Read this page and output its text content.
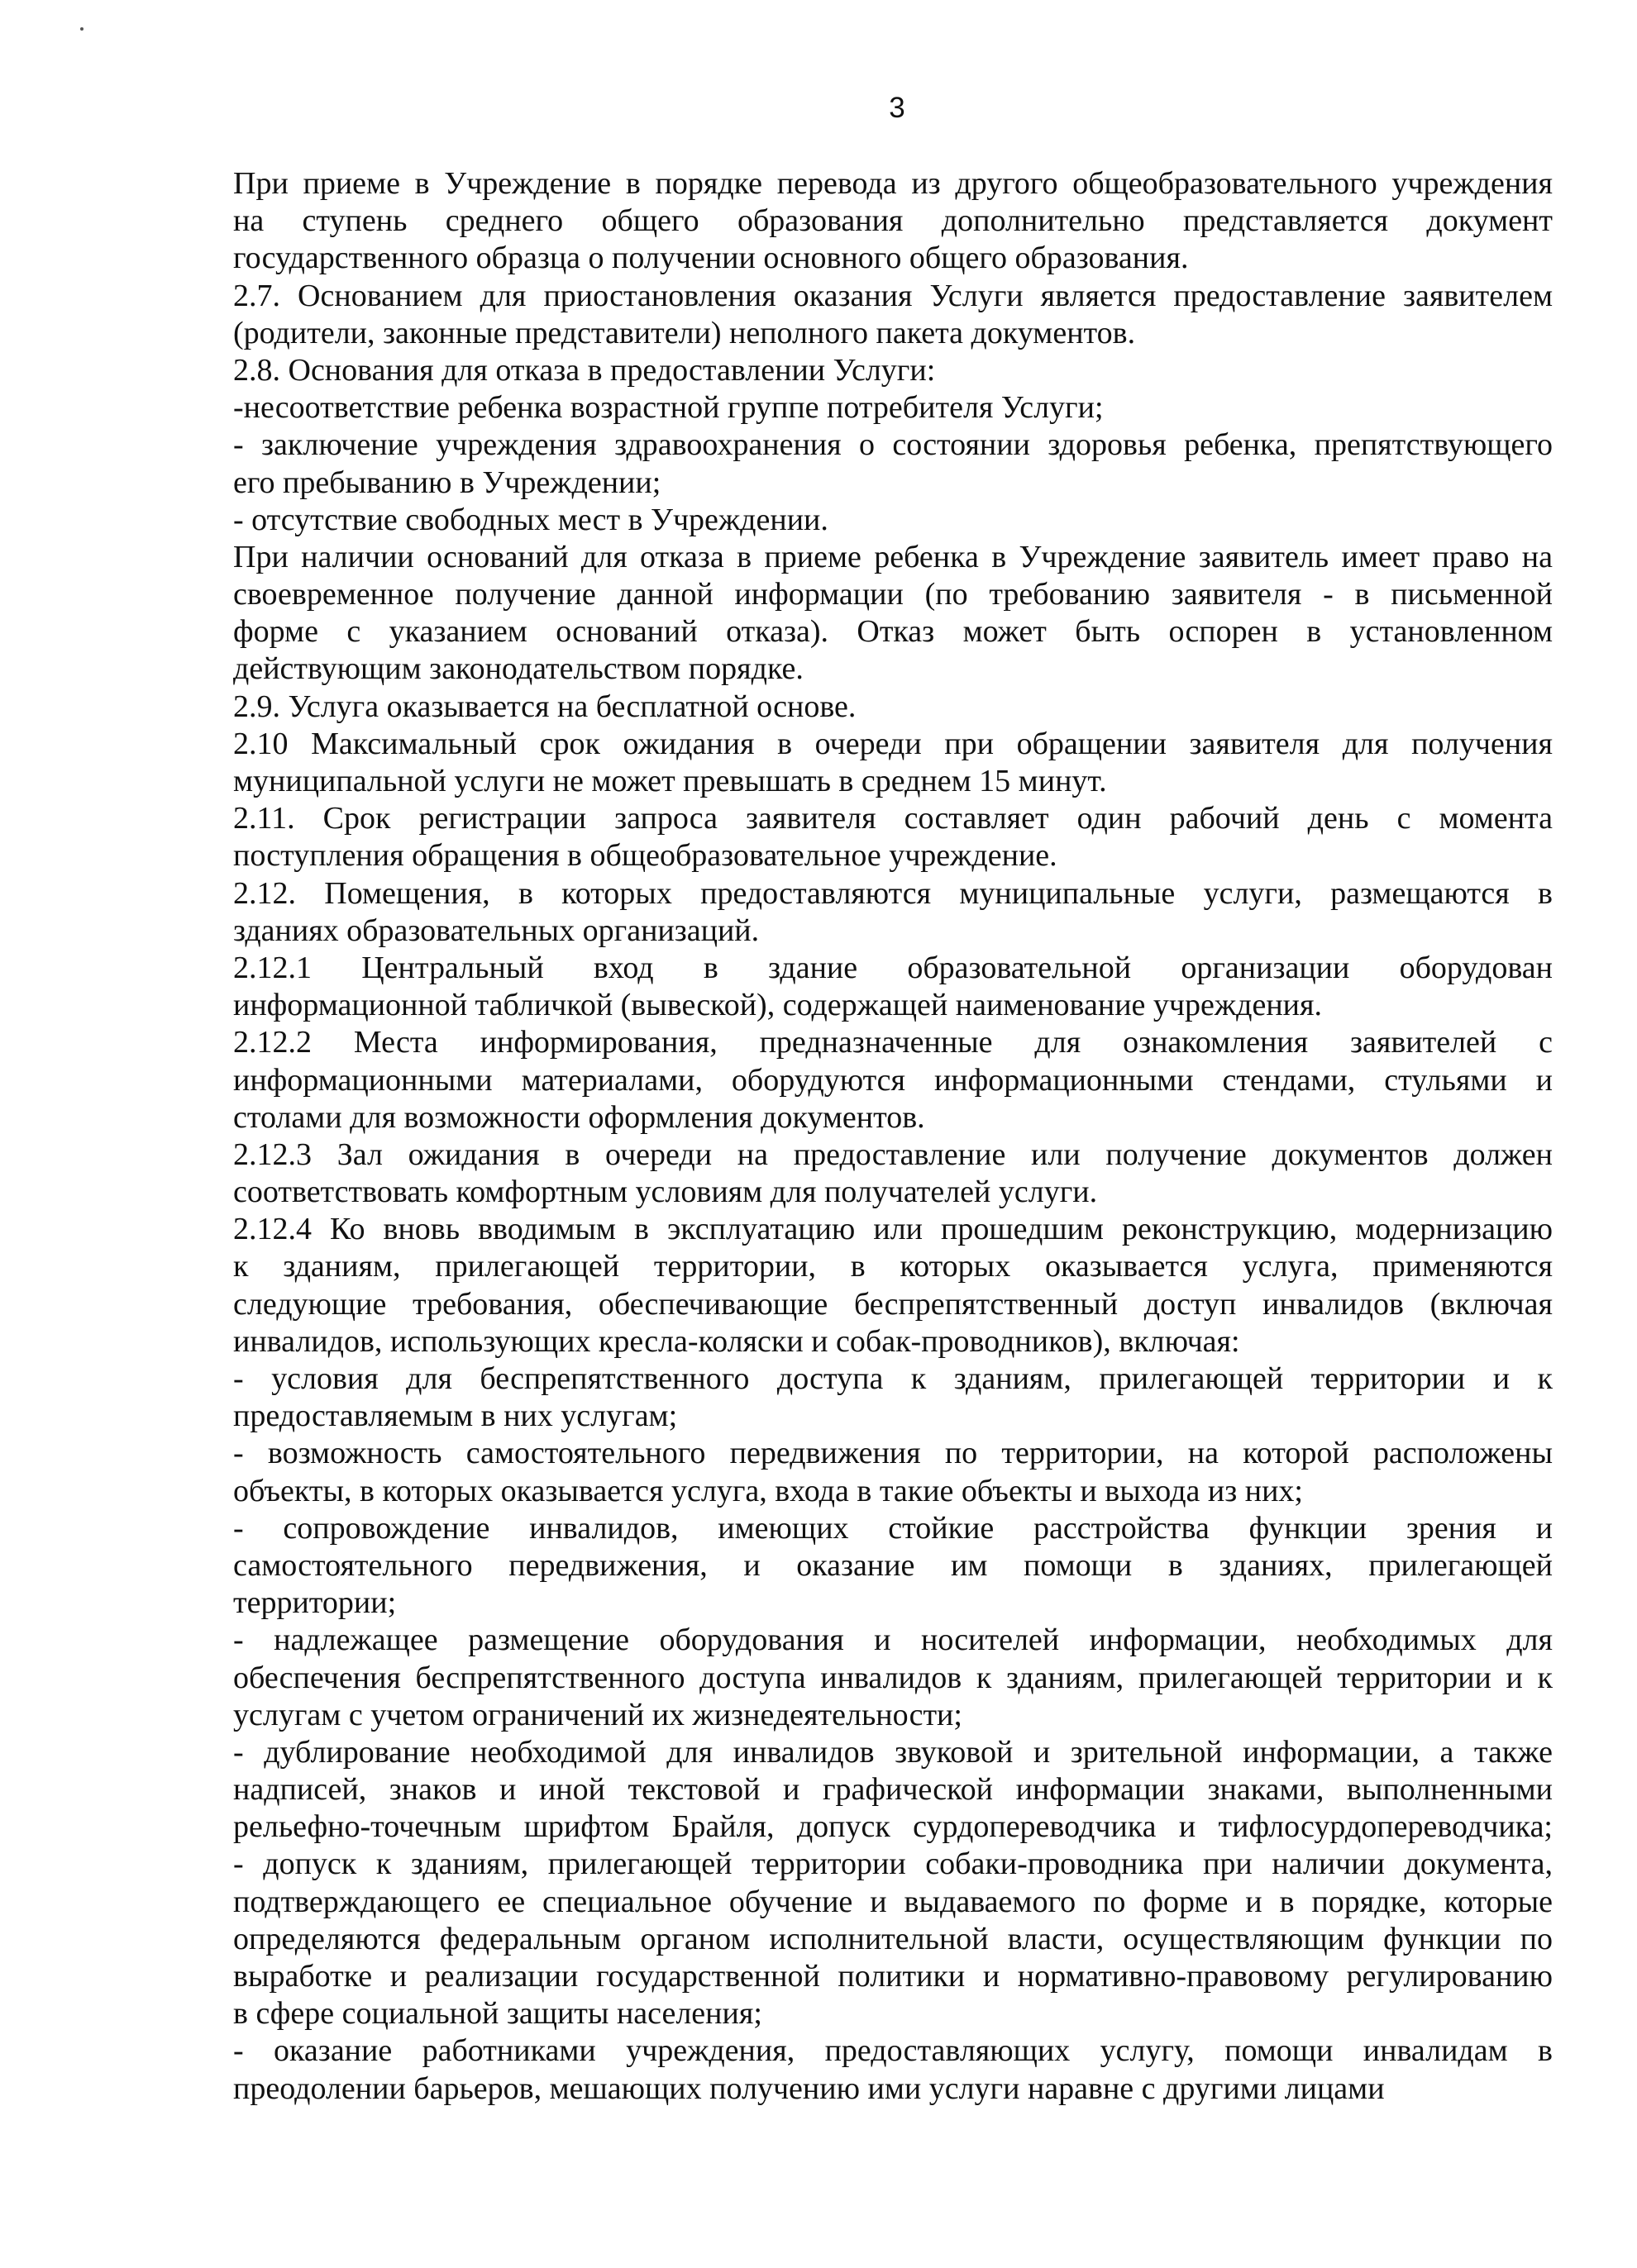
3
При приеме в Учреждение в порядке перевода из другого общеобразовательного учреждения
на ступень среднего общего образования дополнительно представляется документ
государственного образца о получении основного общего образования.
2.7. Основанием для приостановления оказания Услуги является предоставление заявителем
(родители, законные представители) неполного пакета документов.
2.8. Основания для отказа в предоставлении Услуги:
-несоответствие ребенка возрастной группе потребителя Услуги;
- заключение учреждения здравоохранения о состоянии здоровья ребенка, препятствующего
его пребыванию в Учреждении;
- отсутствие свободных мест в Учреждении.
При наличии оснований для отказа в приеме ребенка в Учреждение заявитель имеет право на
своевременное получение данной информации (по требованию заявителя - в письменной
форме с указанием оснований отказа). Отказ может быть оспорен в установленном
действующим законодательством порядке.
2.9. Услуга оказывается на бесплатной основе.
2.10 Максимальный срок ожидания в очереди при обращении заявителя для получения
муниципальной услуги не может превышать в среднем 15 минут.
2.11. Срок регистрации запроса заявителя составляет один рабочий день с момента
поступления обращения в общеобразовательное учреждение.
2.12. Помещения, в которых предоставляются муниципальные услуги, размещаются в
зданиях образовательных организаций.
2.12.1 Центральный вход в здание образовательной организации оборудован
информационной табличкой (вывеской), содержащей наименование учреждения.
2.12.2 Места информирования, предназначенные для ознакомления заявителей с
информационными материалами, оборудуются информационными стендами, стульями и
столами для возможности оформления документов.
2.12.3 Зал ожидания в очереди на предоставление или получение документов должен
соответствовать комфортным условиям для получателей услуги.
2.12.4 Ко вновь вводимым в эксплуатацию или прошедшим реконструкцию, модернизацию
к зданиям, прилегающей территории, в которых оказывается услуга, применяются
следующие требования, обеспечивающие беспрепятственный доступ инвалидов (включая
инвалидов, использующих кресла-коляски и собак-проводников), включая:
- условия для беспрепятственного доступа к зданиям, прилегающей территории и к
предоставляемым в них услугам;
- возможность самостоятельного передвижения по территории, на которой расположены
объекты, в которых оказывается услуга, входа в такие объекты и выхода из них;
- сопровождение инвалидов, имеющих стойкие расстройства функции зрения и
самостоятельного передвижения, и оказание им помощи в зданиях, прилегающей
территории;
- надлежащее размещение оборудования и носителей информации, необходимых для
обеспечения беспрепятственного доступа инвалидов к зданиям, прилегающей территории и к
услугам с учетом ограничений их жизнедеятельности;
- дублирование необходимой для инвалидов звуковой и зрительной информации, а также
надписей, знаков и иной текстовой и графической информации знаками, выполненными
рельефно-точечным шрифтом Брайля, допуск сурдопереводчика и тифлосурдопереводчика;
- допуск к зданиям, прилегающей территории собаки-проводника при наличии документа,
подтверждающего ее специальное обучение и выдаваемого по форме и в порядке, которые
определяются федеральным органом исполнительной власти, осуществляющим функции по
выработке и реализации государственной политики и нормативно-правовому регулированию
в сфере социальной защиты населения;
- оказание работниками учреждения, предоставляющих услугу, помощи инвалидам в
преодолении барьеров, мешающих получению ими услуги наравне с другими лицами
